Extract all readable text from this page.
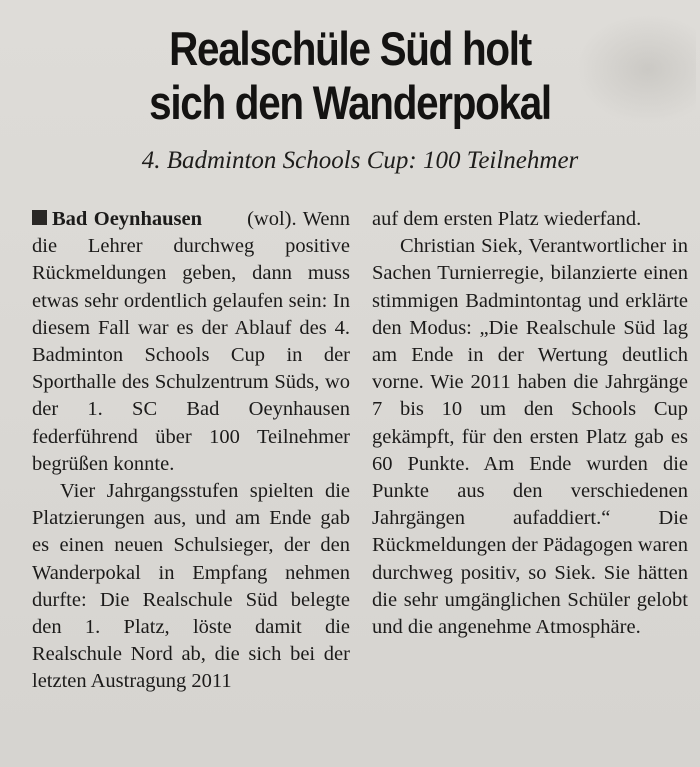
Realschüle Süd holt
sich den Wanderpokal
4. Badminton Schools Cup: 100 Teilnehmer

Bad Oeynhausen (wol). Wenn die Lehrer durchweg positive Rückmeldungen geben, dann muss etwas sehr ordentlich gelaufen sein: In diesem Fall war es der Ablauf des 4. Badminton Schools Cup in der Sporthalle des Schulzentrum Süds, wo der 1. SC Bad Oeynhausen federführend über 100 Teilnehmer begrüßen konnte.

Vier Jahrgangsstufen spielten die Platzierungen aus, und am Ende gab es einen neuen Schulsieger, der den Wanderpokal in Empfang nehmen durfte: Die Realschule Süd belegte den 1. Platz, löste damit die Realschule Nord ab, die sich bei der letzten Austragung 2011

auf dem ersten Platz wiederfand.

Christian Siek, Verantwortlicher in Sachen Turnierregie, bilanzierte einen stimmigen Badmintontag und erklärte den Modus: „Die Realschule Süd lag am Ende in der Wertung deutlich vorne. Wie 2011 haben die Jahrgänge 7 bis 10 um den Schools Cup gekämpft, für den ersten Platz gab es 60 Punkte. Am Ende wurden die Punkte aus den verschiedenen Jahrgängen aufaddiert.“ Die Rückmeldungen der Pädagogen waren durchweg positiv, so Siek. Sie hätten die sehr umgänglichen Schüler gelobt und die angenehme Atmosphäre.
